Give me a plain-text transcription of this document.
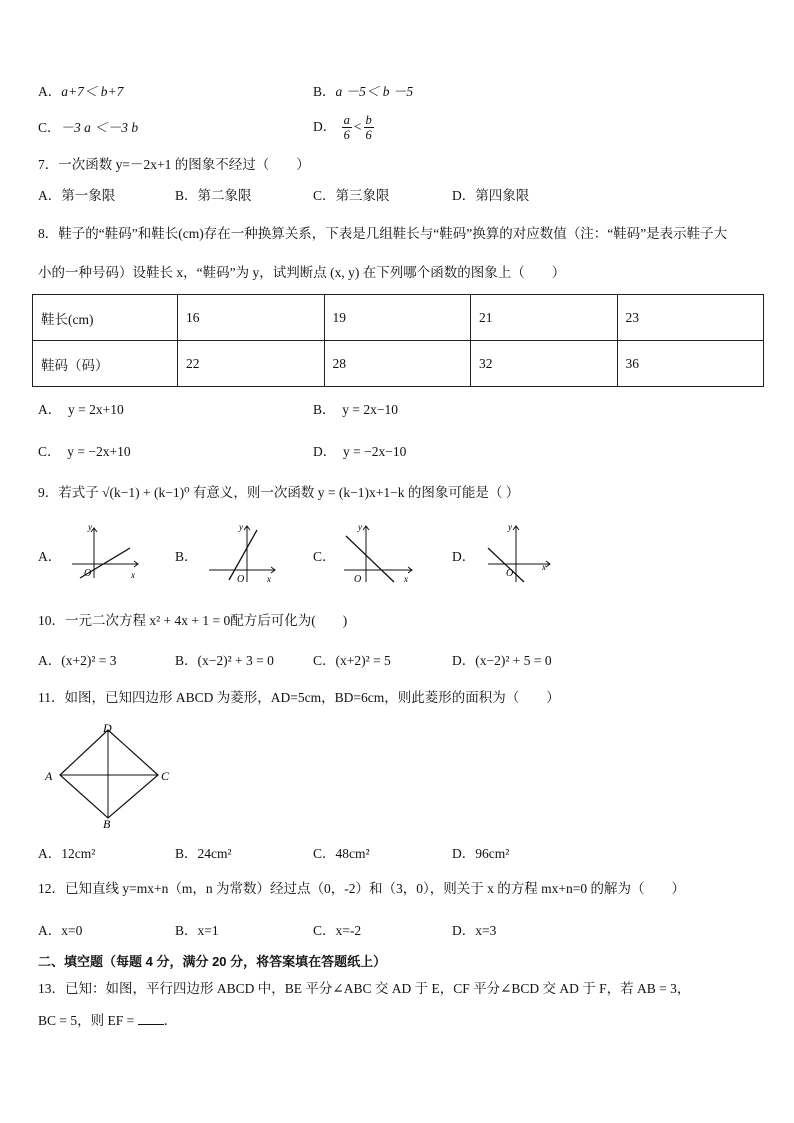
A．a+7＜ b+7	B．a －5＜ b －5
C．－3 a ＜－3 b	D． $\frac{a}{6} < \frac{b}{6}$
7．一次函数 y=－2x+1 的图象不经过（　　）
A．第一象限	B．第二象限	C．第三象限	D．第四象限
8．鞋子的“鞋码”和鞋长(cm)存在一种换算关系，下表是几组鞋长与“鞋码”换算的对应数值（注：“鞋码”是表示鞋子大
小的一种号码）设鞋长 x，“鞋码”为 y，试判断点 (x, y) 在下列哪个函数的图象上（　　）
鞋长(cm)	16	19	21	23
鞋码（码）	22	28	32	36
A．　y = 2x+10	B．　y = 2x−10
C．　y = −2x+10	D．　y = −2x−10
9．若式子 √(k−1) + (k−1)⁰ 有意义，则一次函数 y = (k−1)x+1−k 的图象可能是（ ）
A．
y
x
O
B．
y
x
O
C．
y
x
O
D．
y
x
O
10．一元二次方程 x² + 4x + 1 = 0配方后可化为(　　)
A．(x+2)² = 3	B．(x−2)² + 3 = 0	C．(x+2)² = 5	D．(x−2)² + 5 = 0
11．如图，已知四边形 ABCD 为菱形，AD=5cm，BD=6cm，则此菱形的面积为（　　）
D
A	C
B
A．12cm²	B．24cm²	C．48cm²	D．96cm²
12．已知直线 y=mx+n（m，n 为常数）经过点（0，-2）和（3，0），则关于 x 的方程 mx+n=0 的解为（　　）
A．x=0	B．x=1	C．x=-2	D．x=3
二、填空题（每题 4 分，满分 20 分，将答案填在答题纸上）
13．已知：如图，平行四边形 ABCD 中，BE 平分∠ABC 交 AD 于 E，CF 平分∠BCD 交 AD 于 F，若 AB = 3，
BC = 5，则 EF = ．
